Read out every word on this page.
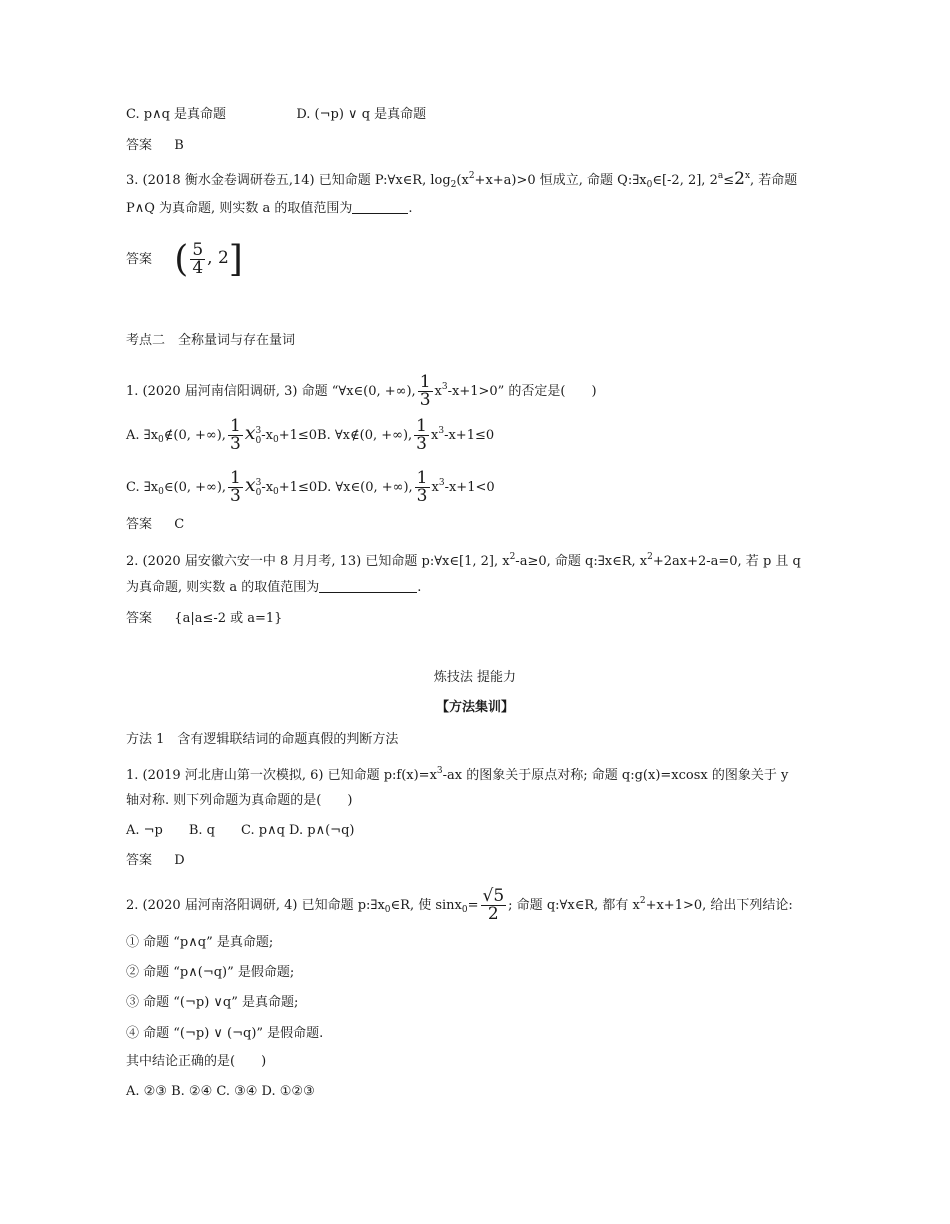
C. p∧q 是真命题	D. (¬p) ∨ q 是真命题
答案 B
3. (2018 衡水金卷调研卷五,14) 已知命题 P:∀x∈R, $\log_2(x^2+x+a)>0$ 恒成立, 命题 $Q:\exists x_0\in[-2$, 2], $2^a\le 2^x$, 若命题
P∧Q 为真命题, 则实数 a 的取值范围为	.
答案 ( $\frac{5}{4}$ , 2]
考点二　全称量词与存在量词
1. (2020 届河南信阳调研, 3) 命题 “∀x∈(0, +∞), $\frac{1}{3} x^3-x+1>0$” 的否定是(　　)
A. $\exists x_0\notin(0$, +∞), $\frac{1}{3}$ x 3
0 $-x_0+1\le 0B$. ∀x∉(0, +∞), $\frac{1}{3} x^3-x+1\le 0$
C. $\exists x_0\in(0$, +∞), $\frac{1}{3}$ x 3
0 $-x_0+1\le 0D$. ∀x∈(0, +∞), $\frac{1}{3} x^3-x+1<0$
答案 C
2. (2020 届安徽六安一中 8 月月考, 13) 已知命题 p:∀x∈[1, 2], $x^2-a\ge 0$, 命题 q:∃x∈R, $x^2+2ax+2-a=0$, 若 p 且 q
为真命题, 则实数 a 的取值范围为	.
答案 {a|a≤-2 或 a=1}
炼技法 提能力
【方法集训】
方法 1　含有逻辑联结词的命题真假的判断方法
1. (2019 河北唐山第一次模拟, 6) 已知命题 $p:f(x)=x^3-ax$ 的图象关于原点对称; 命题 q:g(x)=xcosx 的图象关于 y
轴对称. 则下列命题为真命题的是(　　)
A. ¬p　　B. q　　C. p∧q D. p∧(¬q)
答案 D
2. (2020 届河南洛阳调研, 4) 已知命题 $p:\exists x_0\in R$, 使 $\sin x_0= \frac{√5}{2}$ ; 命题 q:∀x∈R, 都有 $x^2+x+1>0$, 给出下列结论:
① 命题 “p∧q” 是真命题;
② 命题 “p∧(¬q)” 是假命题;
③ 命题 “(¬p) ∨q” 是真命题;
④ 命题 “(¬p) ∨ (¬q)” 是假命题.
其中结论正确的是(　　)
A. ②③ B. ②④ C. ③④ D. ①②③
